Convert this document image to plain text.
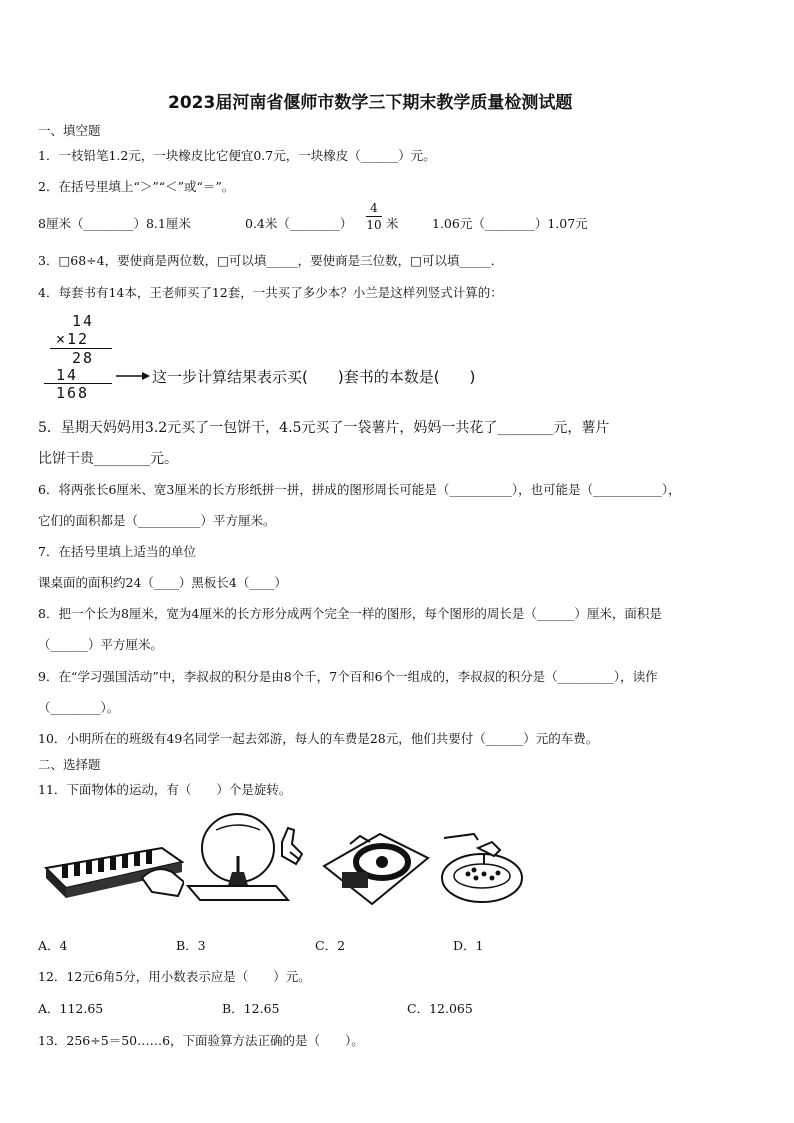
2023届河南省偃师市数学三下期末教学质量检测试题
一、填空题
1．一枝铅笔1.2元，一块橡皮比它便宜0.7元，一块橡皮（______）元。
2．在括号里填上“＞”“＜”或“＝”。
8厘米（________）8.1厘米	0.4米（________）
4
10 米	1.06元（________）1.07元
3．□68÷4，要使商是两位数，□可以填_____，要使商是三位数，□可以填_____．
4．每套书有14本，王老师买了12套，一共买了多少本？小兰是这样列竖式计算的：
14
×12
28
14
168
这一步计算结果表示买(　　)套书的本数是(　　)
5．星期天妈妈用3.2元买了一包饼干，4.5元买了一袋薯片，妈妈一共花了________元，薯片
比饼干贵________元。
6．将两张长6厘米、宽3厘米的长方形纸拼一拼，拼成的图形周长可能是（__________），也可能是（___________），
它们的面积都是（__________）平方厘米。
7．在括号里填上适当的单位
课桌面的面积约24（____）黑板长4（____）
8．把一个长为8厘米，宽为4厘米的长方形分成两个完全一样的图形，每个图形的周长是（______）厘米，面积是
（______）平方厘米。
9．在“学习强国活动”中，李叔叔的积分是由8个千，7个百和6个一组成的，李叔叔的积分是（_________），读作
（________）。
10．小明所在的班级有49名同学一起去郊游，每人的车费是28元，他们共要付（______）元的车费。
二、选择题
11．下面物体的运动，有（　　）个是旋转。
A．4	B．3	C．2	D．1
12．12元6角5分，用小数表示应是（　　）元。
A．112.65	B．12.65	C．12.065
13．256÷5＝50……6，下面验算方法正确的是（　　）。
